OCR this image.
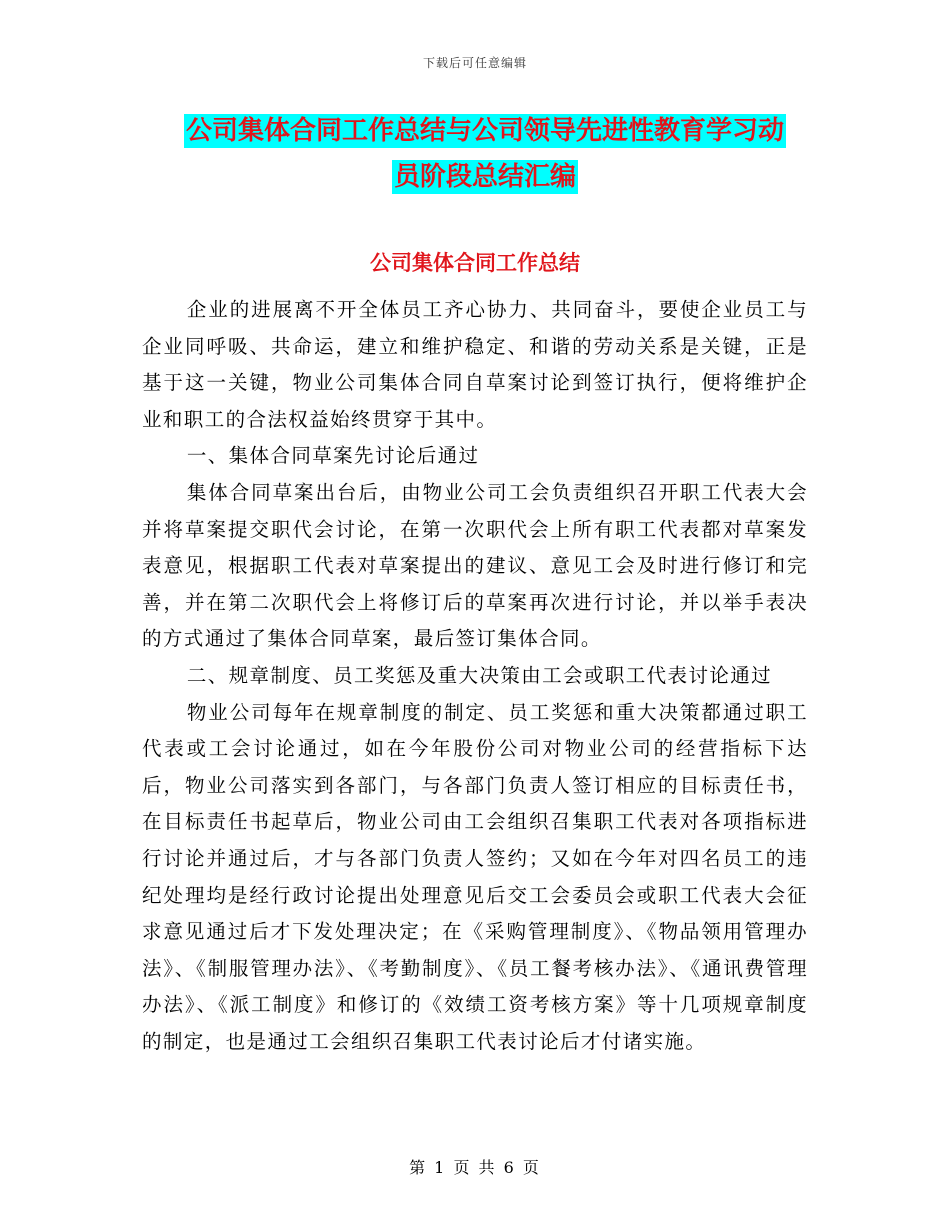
下载后可任意编辑
公司集体合同工作总结与公司领导先进性教育学习动
员阶段总结汇编
公司集体合同工作总结

企业的进展离不开全体员工齐心协力、共同奋斗，要使企业员工与企业同呼吸、共命运，建立和维护稳定、和谐的劳动关系是关键，正是基于这一关键，物业公司集体合同自草案讨论到签订执行，便将维护企业和职工的合法权益始终贯穿于其中。

一、集体合同草案先讨论后通过

集体合同草案出台后，由物业公司工会负责组织召开职工代表大会并将草案提交职代会讨论，在第一次职代会上所有职工代表都对草案发表意见，根据职工代表对草案提出的建议、意见工会及时进行修订和完善，并在第二次职代会上将修订后的草案再次进行讨论，并以举手表决的方式通过了集体合同草案，最后签订集体合同。

二、规章制度、员工奖惩及重大决策由工会或职工代表讨论通过

物业公司每年在规章制度的制定、员工奖惩和重大决策都通过职工代表或工会讨论通过，如在今年股份公司对物业公司的经营指标下达后，物业公司落实到各部门，与各部门负责人签订相应的目标责任书，在目标责任书起草后，物业公司由工会组织召集职工代表对各项指标进行讨论并通过后，才与各部门负责人签约；又如在今年对四名员工的违纪处理均是经行政讨论提出处理意见后交工会委员会或职工代表大会征求意见通过后才下发处理决定；在《采购管理制度》、《物品领用管理办法》、《制服管理办法》、《考勤制度》、《员工餐考核办法》、《通讯费管理办法》、《派工制度》和修订的《效绩工资考核方案》等十几项规章制度的制定，也是通过工会组织召集职工代表讨论后才付诸实施。

第 1 页 共 6 页
